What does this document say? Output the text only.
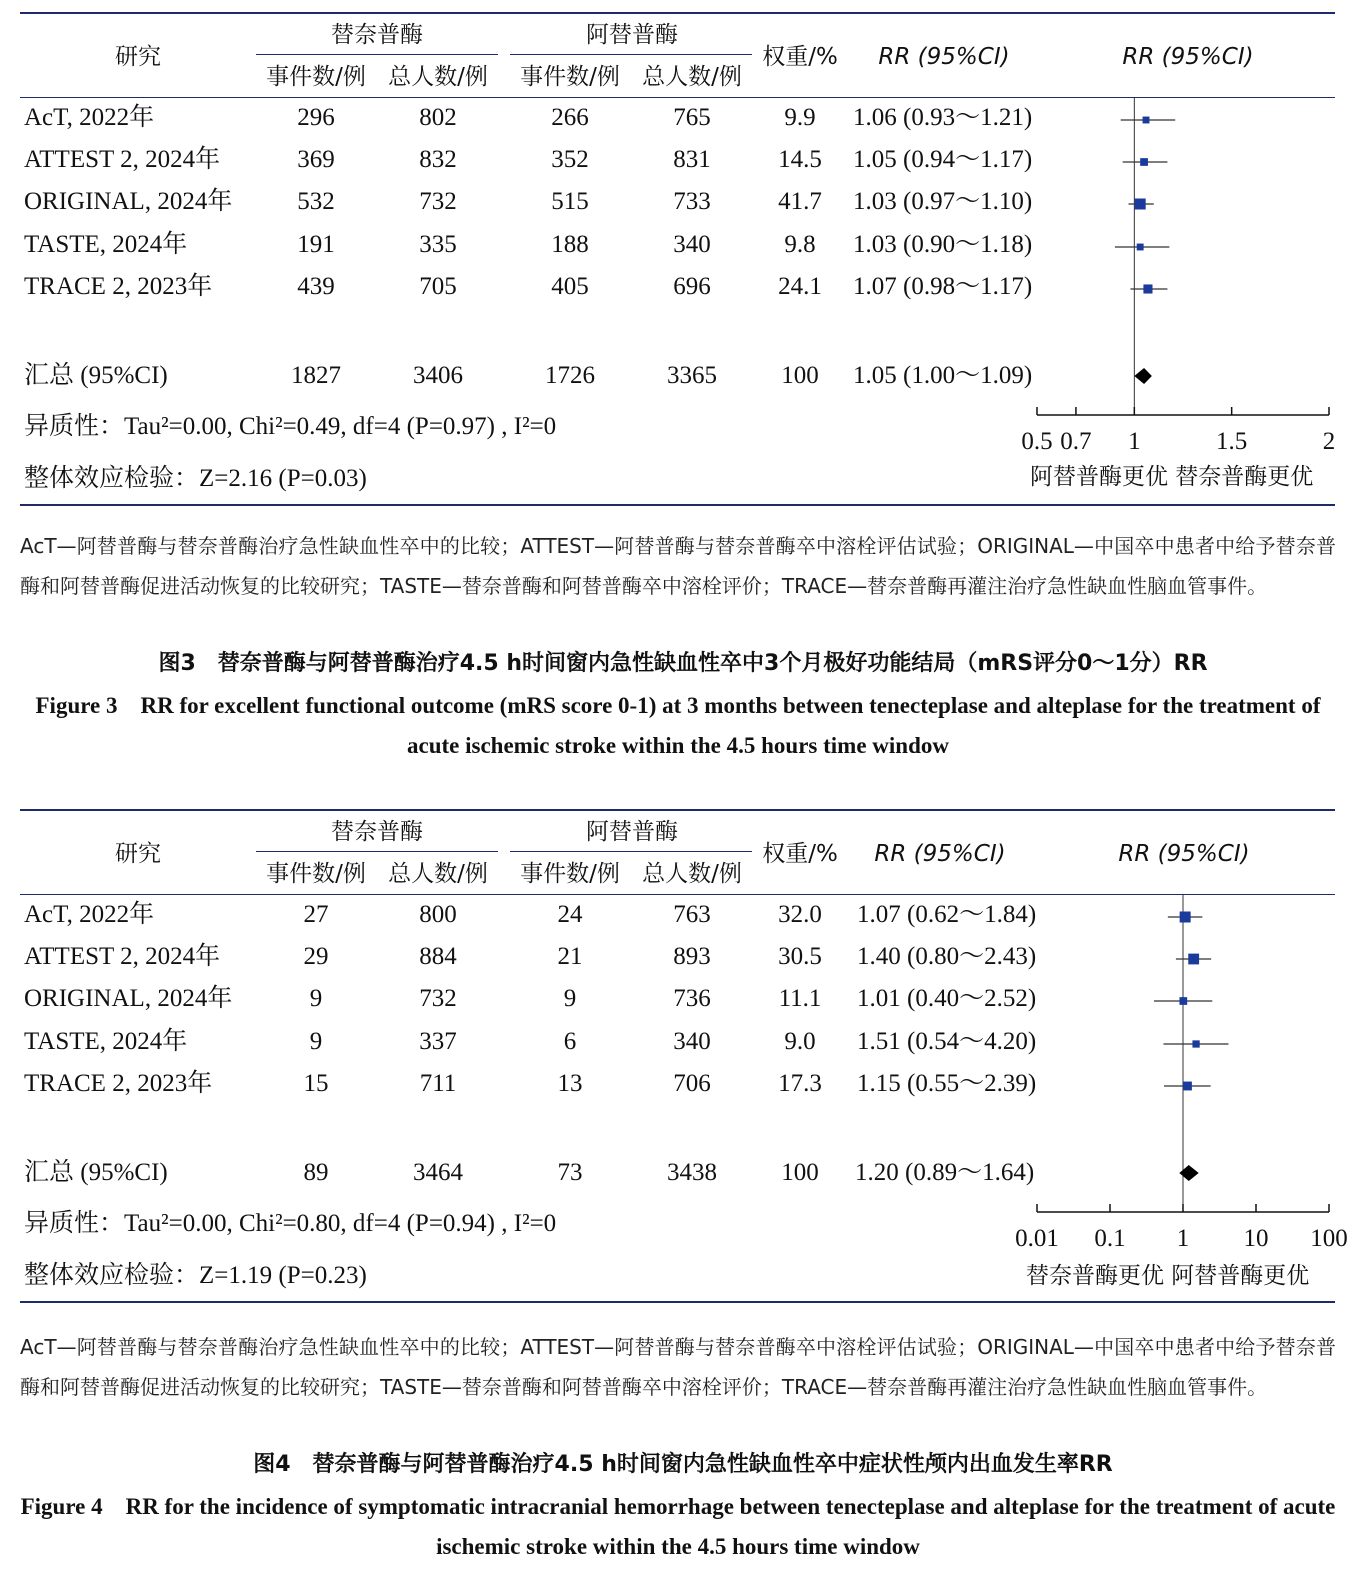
研究
替奈普酶	阿替普酶
事件数/例 总人数/例 事件数/例 总人数/例
权重/% RR (95%CI)	RR (95%CI)
AcT, 2022年	296	802	266	765	9.9 1.06 (0.93～1.21)
ATTEST 2, 2024年	369	832	352	831	14.5 1.05 (0.94～1.17)
ORIGINAL, 2024年	532	732	515	733	41.7 1.03 (0.97～1.10)
TASTE, 2024年	191	335	188	340	9.8 1.03 (0.90～1.18)
TRACE 2, 2023年	439	705	405	696	24.1 1.07 (0.98～1.17)
汇总 (95%CI)	1827	3406	1726	3365	100 1.05 (1.00～1.09)
异质性：Tau²=0.00, Chi²=0.49, df=4 (P=0.97) , I²=0
整体效应检验：Z=2.16 (P=0.03)
0.5 0.7 1	1.5	2
阿替普酶更优 替奈普酶更优
AcT—阿替普酶与替奈普酶治疗急性缺血性卒中的比较；ATTEST—阿替普酶与替奈普酶卒中溶栓评估试验；ORIGINAL—中国卒中患者中给予替奈普酶和阿替普酶促进活动恢复的比较研究；TASTE—替奈普酶和阿替普酶卒中溶栓评价；TRACE—替奈普酶再灌注治疗急性缺血性脑血管事件。
图3　替奈普酶与阿替普酶治疗4.5 h时间窗内急性缺血性卒中3个月极好功能结局（mRS评分0～1分）RR
Figure 3　RR for excellent functional outcome (mRS score 0-1) at 3 months between tenecteplase and alteplase for the treatment of acute ischemic stroke within the 4.5 hours time window
研究
替奈普酶	阿替普酶
事件数/例 总人数/例 事件数/例 总人数/例
权重/% RR (95%CI)	RR (95%CI)
AcT, 2022年	27	800	24	763	32.0 1.07 (0.62～1.84)
ATTEST 2, 2024年	29	884	21	893	30.5 1.40 (0.80～2.43)
ORIGINAL, 2024年	9	732	9	736	11.1 1.01 (0.40～2.52)
TASTE, 2024年	9	337	6	340	9.0 1.51 (0.54～4.20)
TRACE 2, 2023年	15	711	13	706	17.3 1.15 (0.55～2.39)
汇总 (95%CI)	89	3464	73	3438	100 1.20 (0.89～1.64)
异质性：Tau²=0.00, Chi²=0.80, df=4 (P=0.94) , I²=0
整体效应检验：Z=1.19 (P=0.23)
0.01 0.1 1 10 100
替奈普酶更优 阿替普酶更优
AcT—阿替普酶与替奈普酶治疗急性缺血性卒中的比较；ATTEST—阿替普酶与替奈普酶卒中溶栓评估试验；ORIGINAL—中国卒中患者中给予替奈普酶和阿替普酶促进活动恢复的比较研究；TASTE—替奈普酶和阿替普酶卒中溶栓评价；TRACE—替奈普酶再灌注治疗急性缺血性脑血管事件。
图4　替奈普酶与阿替普酶治疗4.5 h时间窗内急性缺血性卒中症状性颅内出血发生率RR
Figure 4　RR for the incidence of symptomatic intracranial hemorrhage between tenecteplase and alteplase for the treatment of acute ischemic stroke within the 4.5 hours time window
